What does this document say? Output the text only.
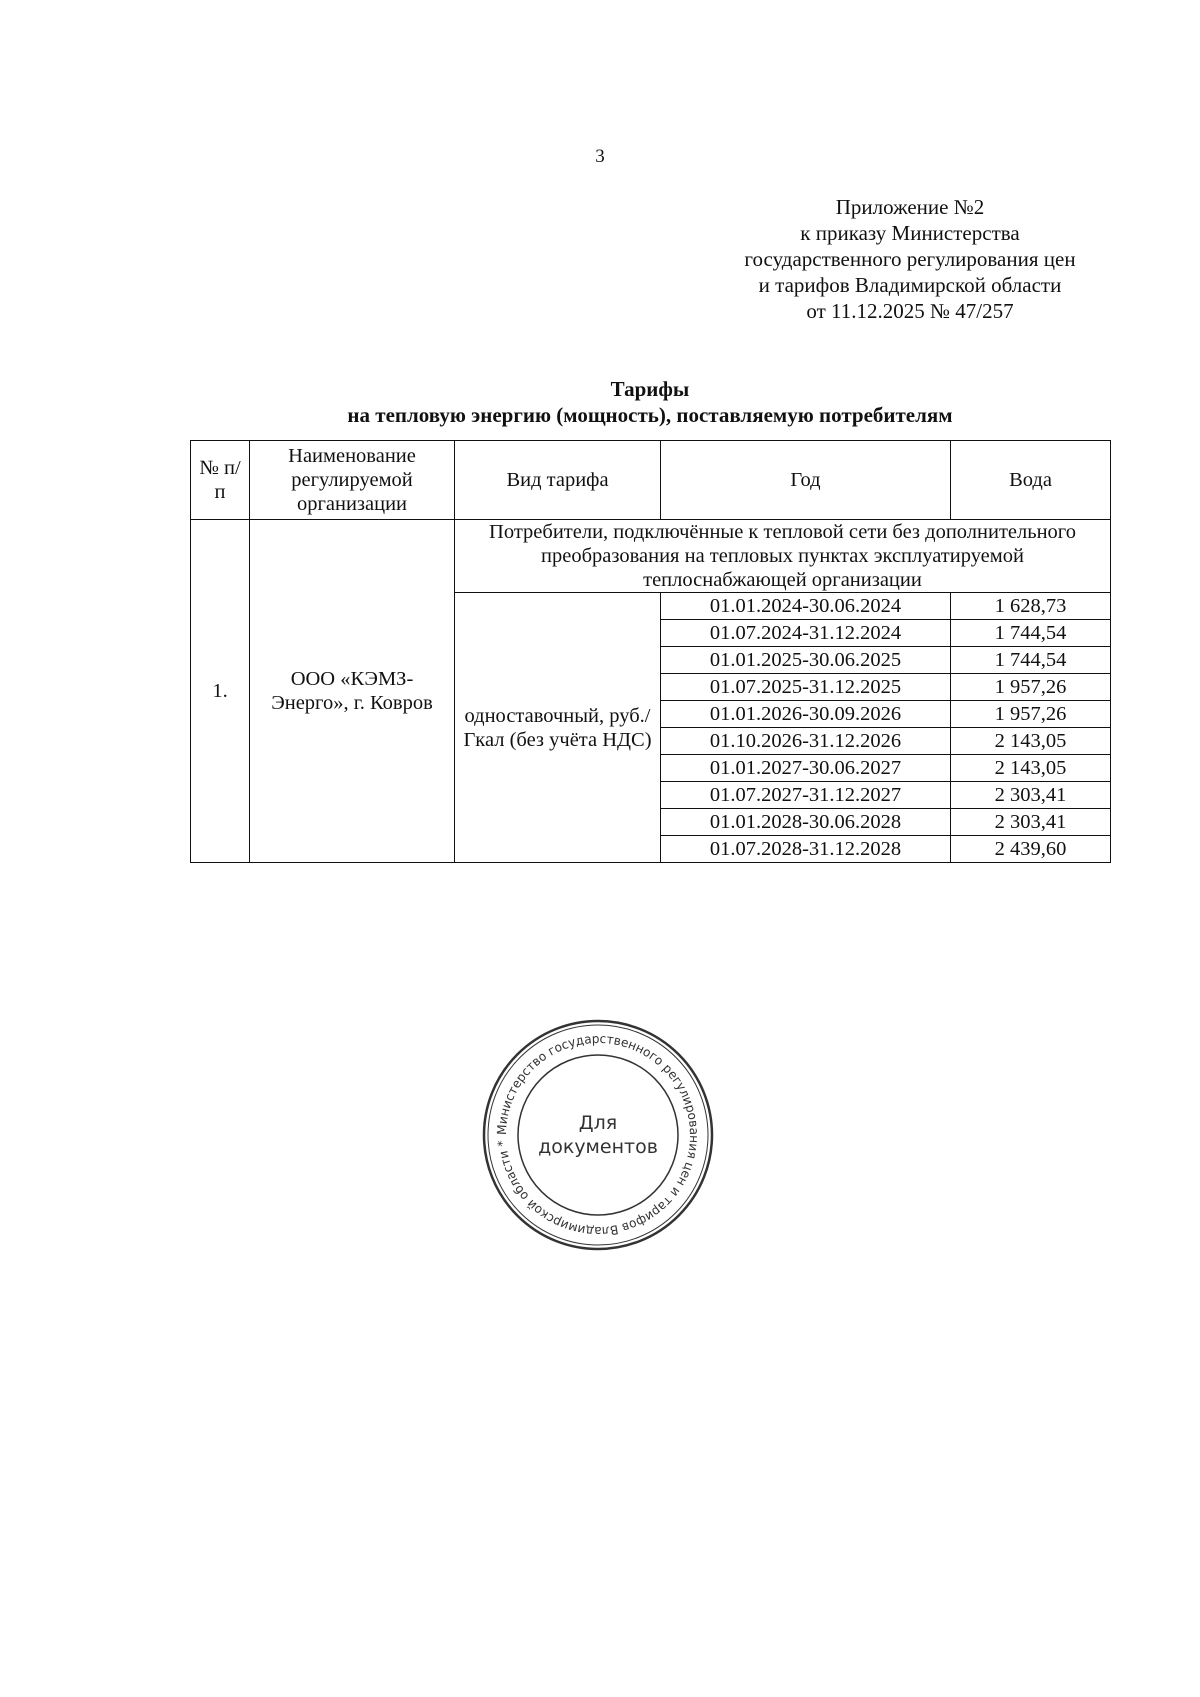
3
Приложение №2
к приказу Министерства
государственного регулирования цен
и тарифов Владимирской области
от 11.12.2025 № 47/257
Тарифы
на тепловую энергию (мощность), поставляемую потребителям
№ п/п	Наименование регулируемой организации	Вид тарифа	Год	Вода
1.	ООО «КЭМЗ-Энерго», г. Ковров	Потребители, подключённые к тепловой сети без дополнительного преобразования на тепловых пунктах эксплуатируемой теплоснабжающей организации		
		одноставочный, руб./Гкал (без учёта НДС)	01.01.2024-30.06.2024	1 628,73
			01.07.2024-31.12.2024	1 744,54
			01.01.2025-30.06.2025	1 744,54
			01.07.2025-31.12.2025	1 957,26
			01.01.2026-30.09.2026	1 957,26
			01.10.2026-31.12.2026	2 143,05
			01.01.2027-30.06.2027	2 143,05
			01.07.2027-31.12.2027	2 303,41
			01.01.2028-30.06.2028	2 303,41
			01.07.2028-31.12.2028	2 439,60
Министерство государственного регулирования цен и тарифов Владимирской области *
Для
документов
